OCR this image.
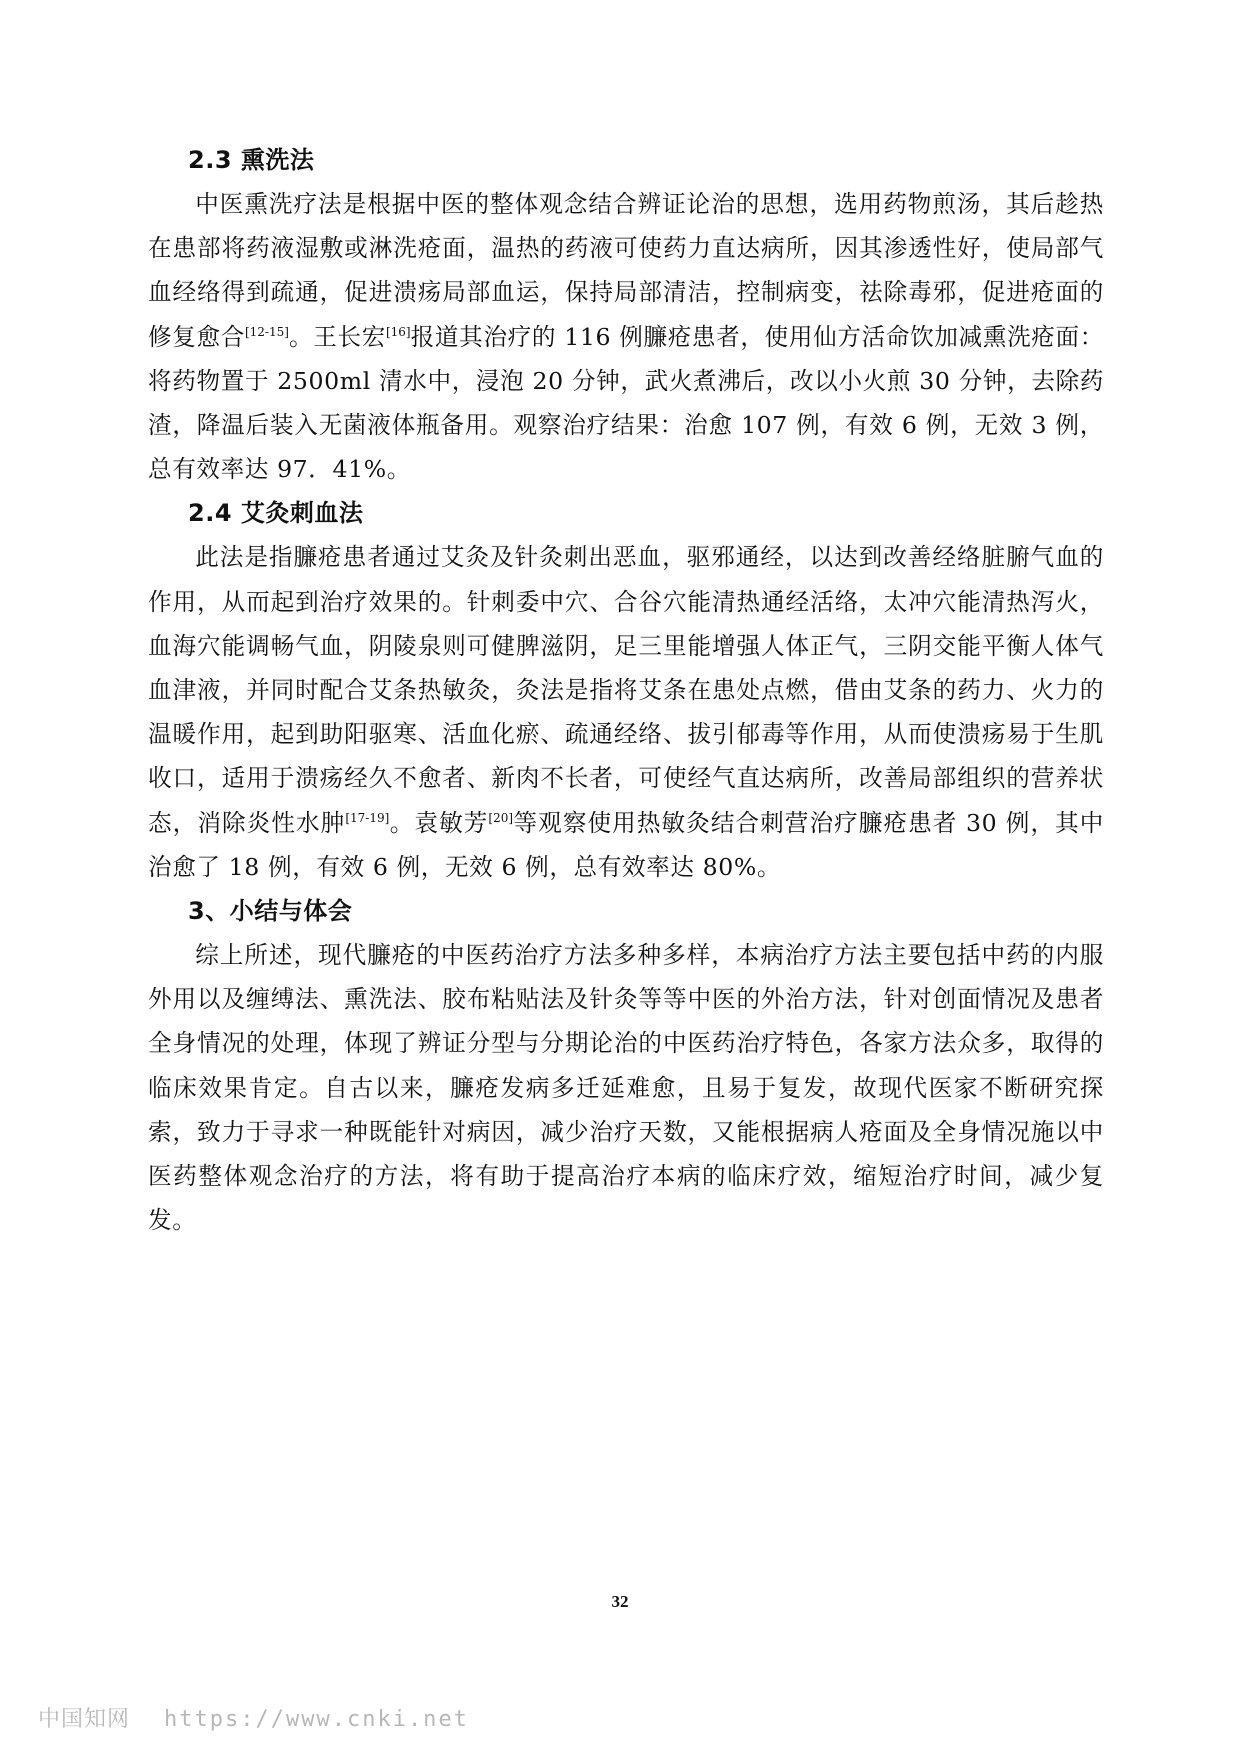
2.3 熏洗法

中医熏洗疗法是根据中医的整体观念结合辨证论治的思想，选用药物煎汤，其后趁热在患部将药液湿敷或淋洗疮面，温热的药液可使药力直达病所，因其渗透性好，使局部气血经络得到疏通，促进溃疡局部血运，保持局部清洁，控制病变，祛除毒邪，促进疮面的修复愈合[12-15]。王长宏[16]报道其治疗的 116 例臁疮患者，使用仙方活命饮加减熏洗疮面：将药物置于 2500ml 清水中，浸泡 20 分钟，武火煮沸后，改以小火煎 30 分钟，去除药渣，降温后装入无菌液体瓶备用。观察治疗结果：治愈 107 例，有效 6 例，无效 3 例，总有效率达 97．41%。

2.4 艾灸刺血法

此法是指臁疮患者通过艾灸及针灸刺出恶血，驱邪通经，以达到改善经络脏腑气血的作用，从而起到治疗效果的。针刺委中穴、合谷穴能清热通经活络，太冲穴能清热泻火，血海穴能调畅气血，阴陵泉则可健脾滋阴，足三里能增强人体正气，三阴交能平衡人体气血津液，并同时配合艾条热敏灸，灸法是指将艾条在患处点燃，借由艾条的药力、火力的温暖作用，起到助阳驱寒、活血化瘀、疏通经络、拔引郁毒等作用，从而使溃疡易于生肌收口，适用于溃疡经久不愈者、新肉不长者，可使经气直达病所，改善局部组织的营养状态，消除炎性水肿[17-19]。袁敏芳[20]等观察使用热敏灸结合刺营治疗臁疮患者 30 例，其中治愈了 18 例，有效 6 例，无效 6 例，总有效率达 80%。

3、小结与体会

综上所述，现代臁疮的中医药治疗方法多种多样，本病治疗方法主要包括中药的内服外用以及缠缚法、熏洗法、胶布粘贴法及针灸等等中医的外治方法，针对创面情况及患者全身情况的处理，体现了辨证分型与分期论治的中医药治疗特色，各家方法众多，取得的临床效果肯定。自古以来，臁疮发病多迁延难愈，且易于复发，故现代医家不断研究探索，致力于寻求一种既能针对病因，减少治疗天数，又能根据病人疮面及全身情况施以中医药整体观念治疗的方法，将有助于提高治疗本病的临床疗效，缩短治疗时间，减少复发。

32
中国知网 https://www.cnki.net
